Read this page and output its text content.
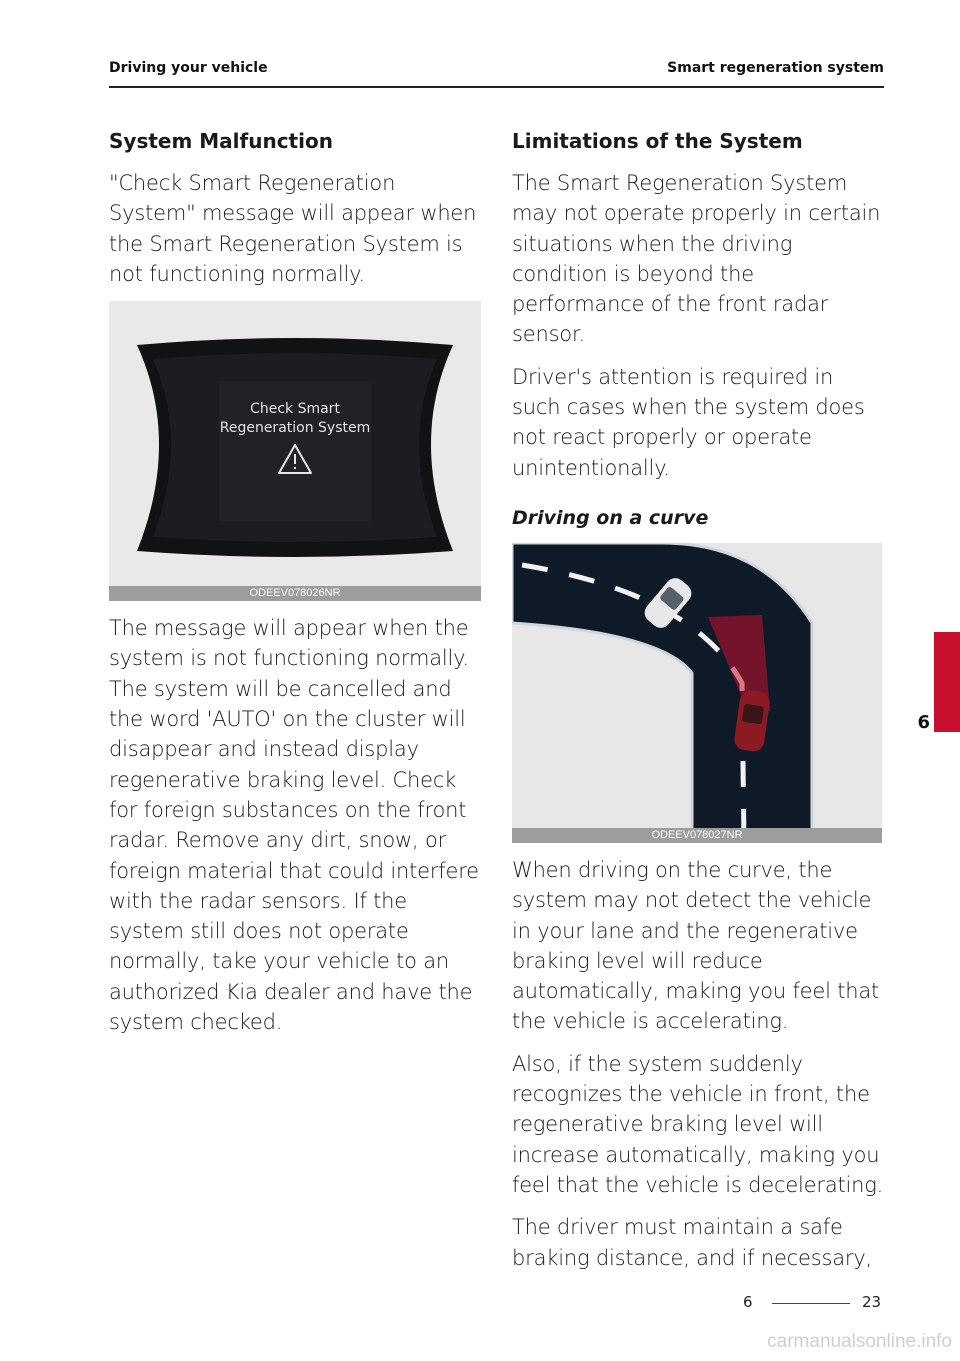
Driving your vehicle	Smart regeneration system
System Malfunction

"Check Smart Regeneration System" message will appear when the Smart Regeneration System is not functioning normally.

Check Smart
Regeneration System
ODEEV078026NR

The message will appear when the system is not functioning normally. The system will be cancelled and the word 'AUTO' on the cluster will disappear and instead display regenerative braking level. Check for foreign substances on the front radar. Remove any dirt, snow, or foreign material that could interfere with the radar sensors. If the system still does not operate normally, take your vehicle to an authorized Kia dealer and have the system checked.

Limitations of the System

The Smart Regeneration System may not operate properly in certain situations when the driving condition is beyond the performance of the front radar sensor.

Driver's attention is required in such cases when the system does not react properly or operate unintentionally.

Driving on a curve
ODEEV078027NR

When driving on the curve, the system may not detect the vehicle in your lane and the regenerative braking level will reduce automatically, making you feel that the vehicle is accelerating.

Also, if the system suddenly recognizes the vehicle in front, the regenerative braking level will increase automatically, making you feel that the vehicle is decelerating.

The driver must maintain a safe braking distance, and if necessary,

6
6	23
carmanualsonline.info
